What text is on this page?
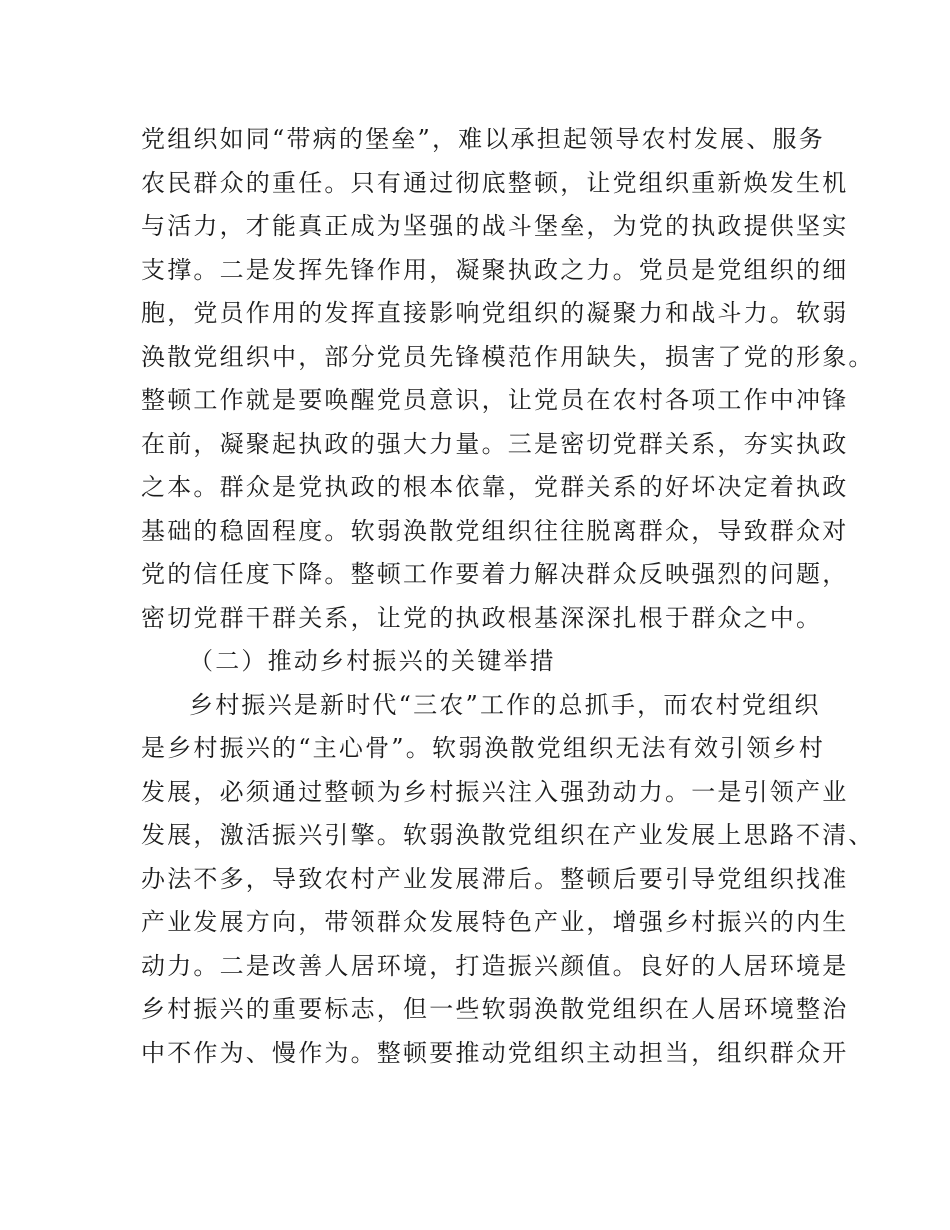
党组织如同“带病的堡垒”，难以承担起领导农村发展、服务

农民群众的重任。只有通过彻底整顿，让党组织重新焕发生机

与活力，才能真正成为坚强的战斗堡垒，为党的执政提供坚实

支撑。二是发挥先锋作用，凝聚执政之力。党员是党组织的细

胞，党员作用的发挥直接影响党组织的凝聚力和战斗力。软弱

涣散党组织中，部分党员先锋模范作用缺失，损害了党的形象。

整顿工作就是要唤醒党员意识，让党员在农村各项工作中冲锋

在前，凝聚起执政的强大力量。三是密切党群关系，夯实执政

之本。群众是党执政的根本依靠，党群关系的好坏决定着执政

基础的稳固程度。软弱涣散党组织往往脱离群众，导致群众对

党的信任度下降。整顿工作要着力解决群众反映强烈的问题，

密切党群干群关系，让党的执政根基深深扎根于群众之中。

（二）推动乡村振兴的关键举措

乡村振兴是新时代“三农”工作的总抓手，而农村党组织

是乡村振兴的“主心骨”。软弱涣散党组织无法有效引领乡村

发展，必须通过整顿为乡村振兴注入强劲动力。一是引领产业

发展，激活振兴引擎。软弱涣散党组织在产业发展上思路不清、

办法不多，导致农村产业发展滞后。整顿后要引导党组织找准

产业发展方向，带领群众发展特色产业，增强乡村振兴的内生

动力。二是改善人居环境，打造振兴颜值。良好的人居环境是

乡村振兴的重要标志，但一些软弱涣散党组织在人居环境整治

中不作为、慢作为。整顿要推动党组织主动担当，组织群众开
